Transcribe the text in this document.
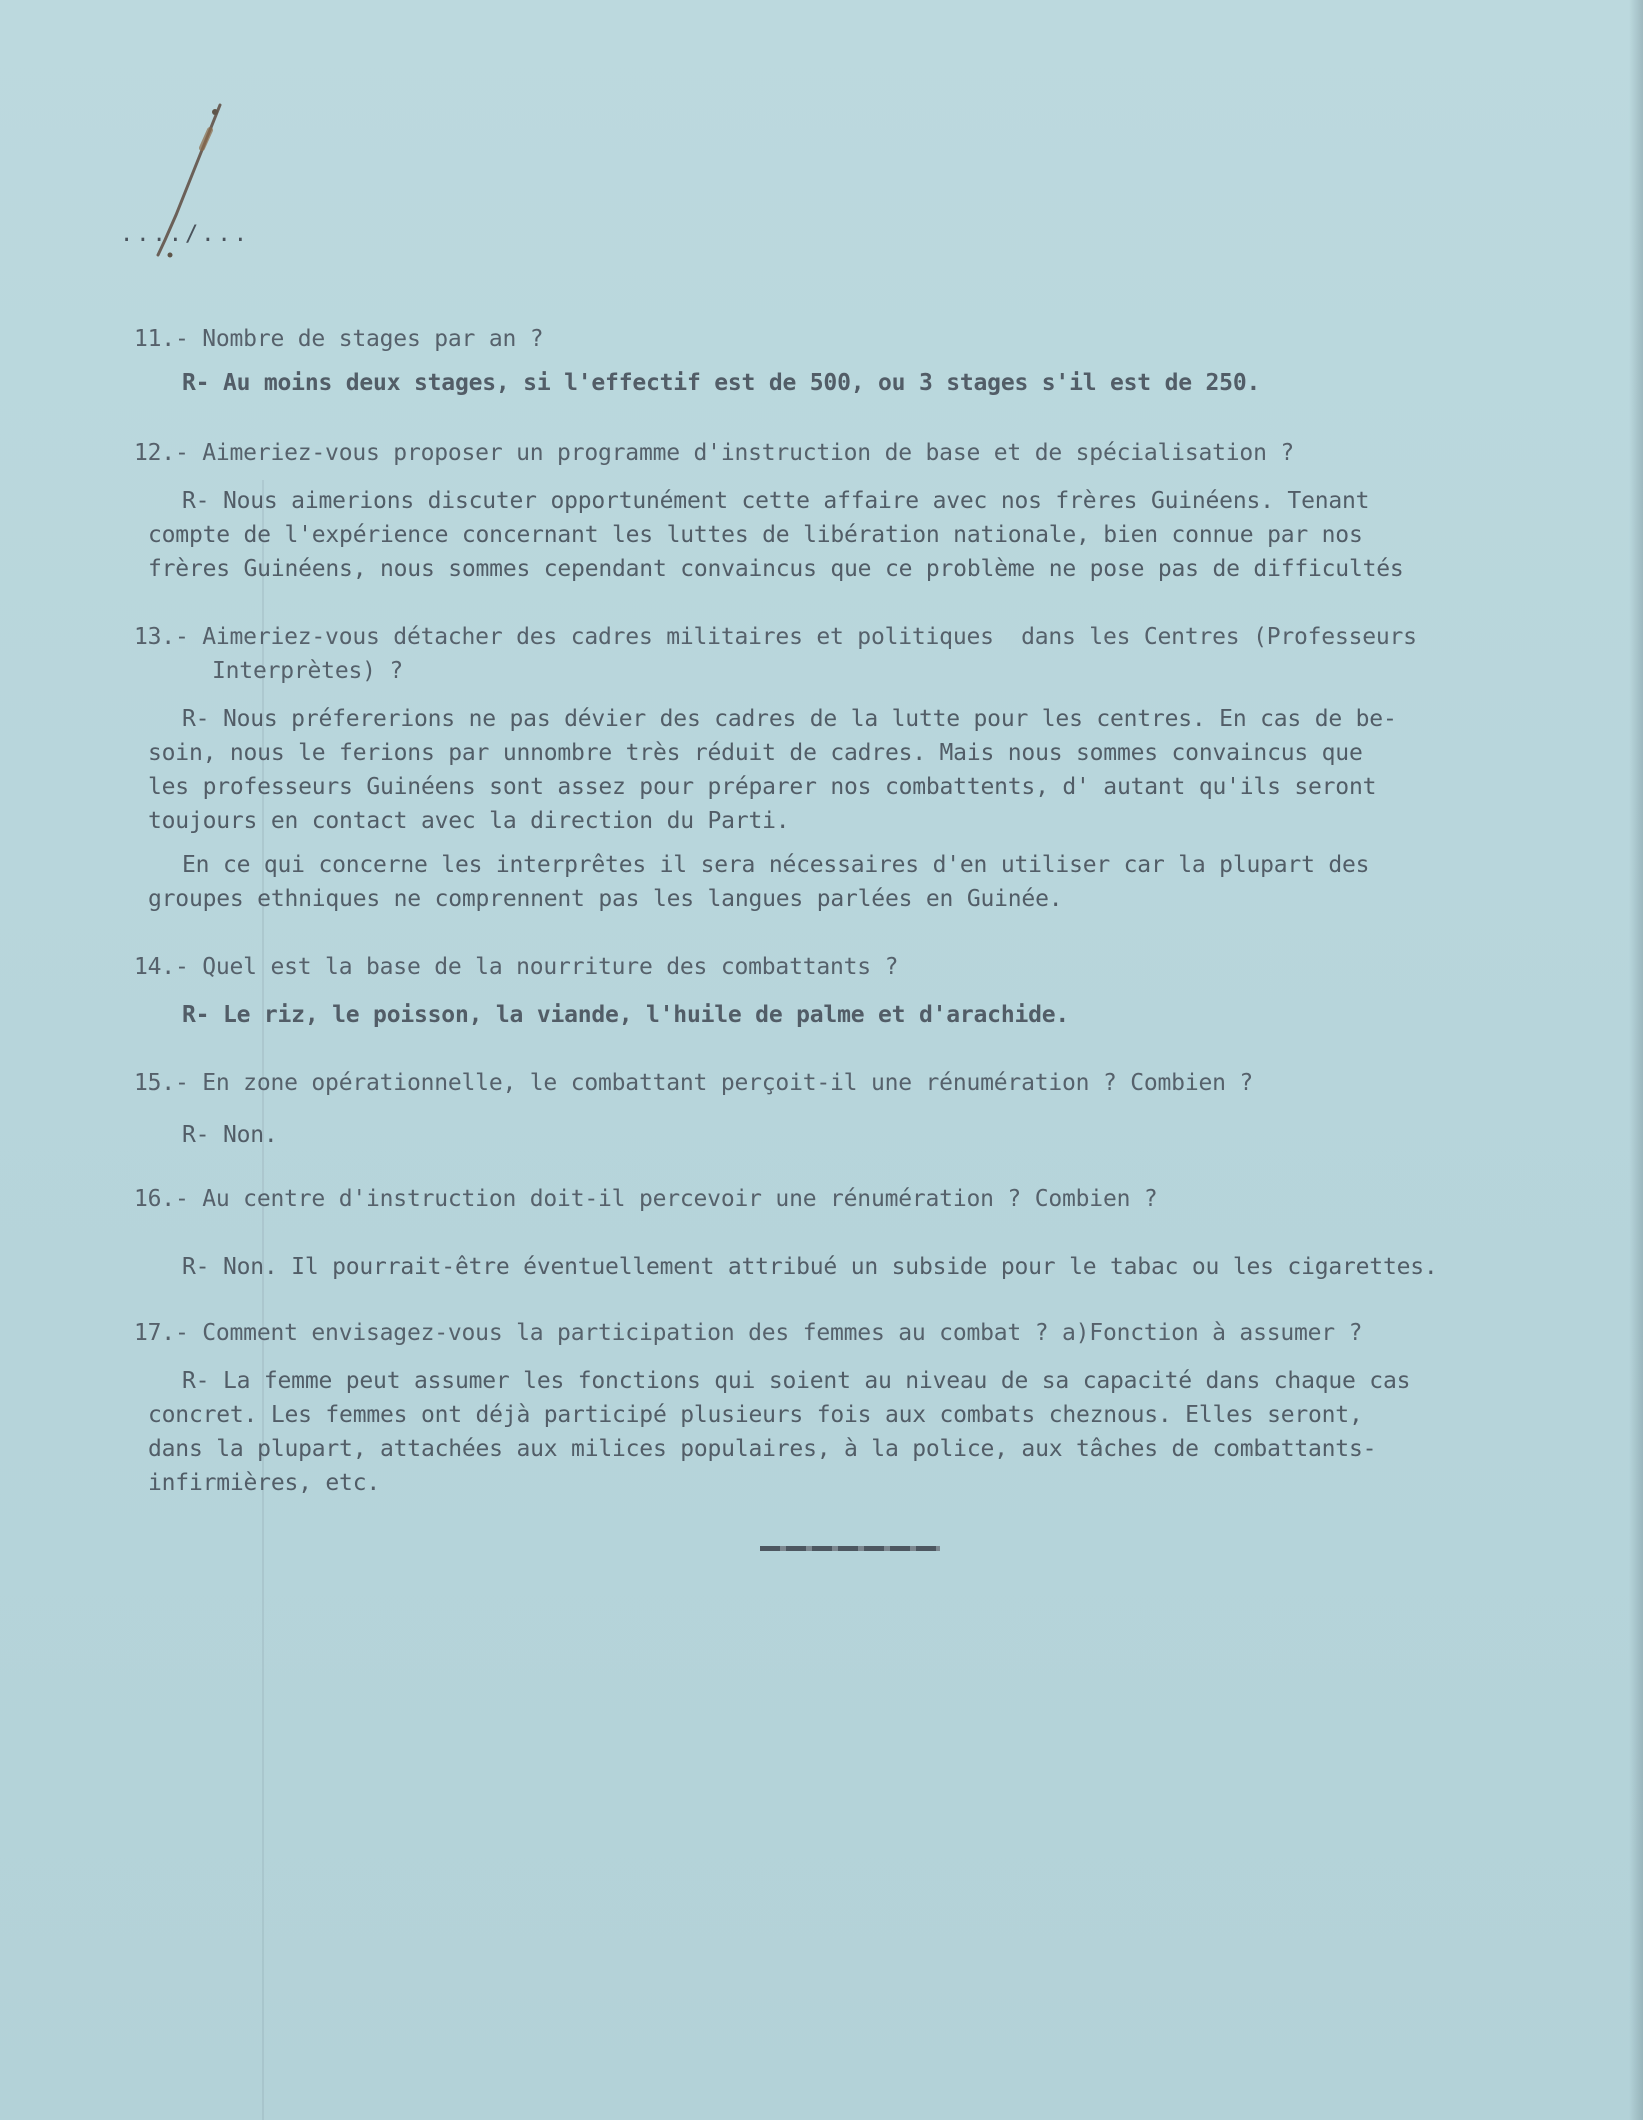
..../...

11.- Nombre de stages par an ?

R- Au moins deux stages, si l'effectif est de 500, ou 3 stages s'il est de 250.

12.- Aimeriez-vous proposer un programme d'instruction de base et de spécialisation ?

R- Nous aimerions discuter opportunément cette affaire avec nos frères Guinéens. Tenant

compte de l'expérience concernant les luttes de libération nationale, bien connue par nos

frères Guinéens, nous sommes cependant convaincus que ce problème ne pose pas de difficultés

13.- Aimeriez-vous détacher des cadres militaires et politiques  dans les Centres (Professeurs

Interprètes) ?

R- Nous préfererions ne pas dévier des cadres de la lutte pour les centres. En cas de be-

soin, nous le ferions par unnombre très réduit de cadres. Mais nous sommes convaincus que

les professeurs Guinéens sont assez pour préparer nos combattents, d' autant qu'ils seront

toujours en contact avec la direction du Parti.

En ce qui concerne les interprêtes il sera nécessaires d'en utiliser car la plupart des

groupes ethniques ne comprennent pas les langues parlées en Guinée.

14.- Quel est la base de la nourriture des combattants ?

R- Le riz, le poisson, la viande, l'huile de palme et d'arachide.

15.- En zone opérationnelle, le combattant perçoit-il une rénumération ? Combien ?

R- Non.

16.- Au centre d'instruction doit-il percevoir une rénumération ? Combien ?

R- Non. Il pourrait-être éventuellement attribué un subside pour le tabac ou les cigarettes.

17.- Comment envisagez-vous la participation des femmes au combat ? a)Fonction à assumer ?

R- La femme peut assumer les fonctions qui soient au niveau de sa capacité dans chaque cas

concret. Les femmes ont déjà participé plusieurs fois aux combats cheznous. Elles seront,

dans la plupart, attachées aux milices populaires, à la police, aux tâches de combattants-

infirmières, etc.
